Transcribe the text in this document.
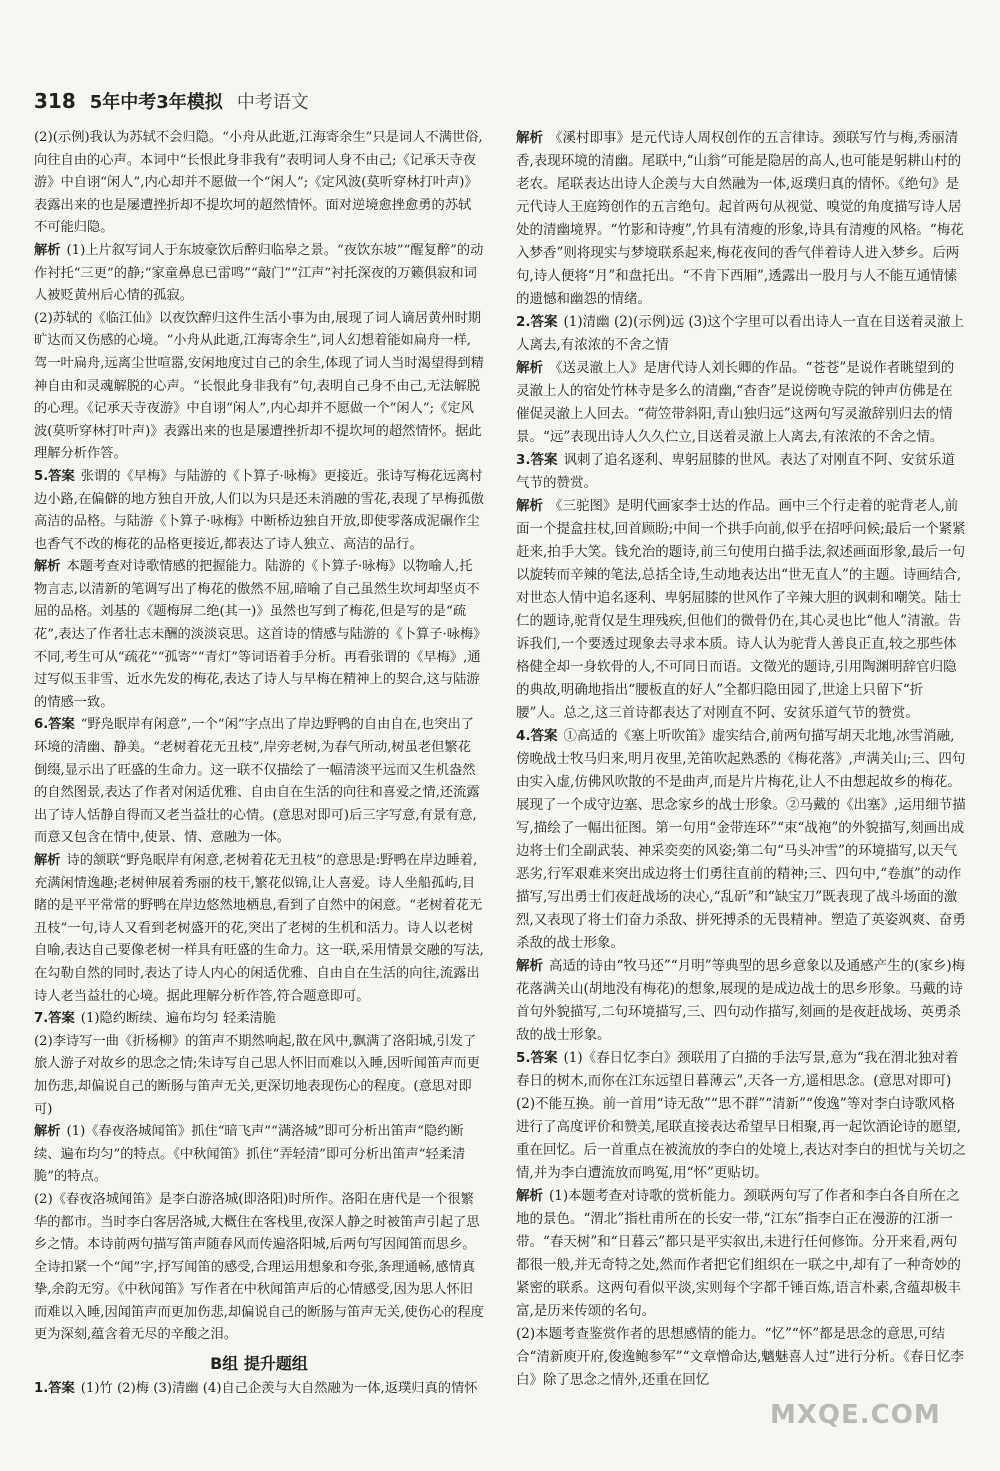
318 5年中考3年模拟 中考语文

(2)(示例)我认为苏轼不会归隐。“小舟从此逝,江海寄余生”只是词人不满世俗,向往自由的心声。本词中“长恨此身非我有”表明词人身不由己;《记承天寺夜游》中自诩“闲人”,内心却并不愿做一个“闲人”;《定风波(莫听穿林打叶声)》表露出来的也是屡遭挫折却不提坎坷的超然情怀。面对逆境愈挫愈勇的苏轼不可能归隐。

解析 (1)上片叙写词人于东坡豪饮后醉归临皋之景。“夜饮东坡”“醒复醉”的动作衬托“三更”的静;“家童鼻息已雷鸣”“敲门”“江声”衬托深夜的万籁俱寂和词人被贬黄州后心情的孤寂。

(2)苏轼的《临江仙》以夜饮醉归这件生活小事为由,展现了词人谪居黄州时期旷达而又伤感的心境。“小舟从此逝,江海寄余生”,词人幻想着能如扁舟一样,驾一叶扁舟,远离尘世喧嚣,安闲地度过自己的余生,体现了词人当时渴望得到精神自由和灵魂解脱的心声。“长恨此身非我有”句,表明自己身不由己,无法解脱的心理。《记承天寺夜游》中自诩“闲人”,内心却并不愿做一个“闲人”;《定风波(莫听穿林打叶声)》表露出来的也是屡遭挫折却不提坎坷的超然情怀。据此理解分析作答。

5.答案 张谓的《早梅》与陆游的《卜算子·咏梅》更接近。张诗写梅花远离村边小路,在偏僻的地方独自开放,人们以为只是还未消融的雪花,表现了早梅孤傲高洁的品格。与陆游《卜算子·咏梅》中断桥边独自开放,即使零落成泥碾作尘也香气不改的梅花的品格更接近,都表达了诗人独立、高洁的品行。

解析 本题考查对诗歌情感的把握能力。陆游的《卜算子·咏梅》以物喻人,托物言志,以清新的笔调写出了梅花的傲然不屈,暗喻了自己虽然生坎坷却坚贞不屈的品格。刘基的《题梅屏二绝(其一)》虽然也写到了梅花,但是写的是“疏花”,表达了作者壮志未酬的淡淡哀思。这首诗的情感与陆游的《卜算子·咏梅》不同,考生可从“疏花”“孤寄”“青灯”等词语着手分析。再看张谓的《早梅》,通过写似玉非雪、近水先发的梅花,表达了诗人与早梅在精神上的契合,这与陆游的情感一致。

6.答案 “野凫眠岸有闲意”,一个“闲”字点出了岸边野鸭的自由自在,也突出了环境的清幽、静美。“老树着花无丑枝”,岸旁老树,为春气所动,树虽老但繁花倒缀,显示出了旺盛的生命力。这一联不仅描绘了一幅清淡平远而又生机盎然的自然图景,表达了作者对闲适优雅、自由自在生活的向往和喜爱之情,还流露出了诗人恬静自得而又老当益壮的心情。(意思对即可)后三字写意,有景有意,而意又包含在情中,使景、情、意融为一体。

解析 诗的颔联“野凫眠岸有闲意,老树着花无丑枝”的意思是:野鸭在岸边睡着,充满闲情逸趣;老树伸展着秀丽的枝干,繁花似锦,让人喜爱。诗人坐船孤屿,目睹的是平平常常的野鸭在岸边悠然地栖息,看到了自然中的闲意。“老树着花无丑枝”一句,诗人又看到老树盛开的花,突出了老树的生机和活力。诗人以老树自喻,表达自己要像老树一样具有旺盛的生命力。这一联,采用情景交融的写法,在勾勒自然的同时,表达了诗人内心的闲适优雅、自由自在生活的向往,流露出诗人老当益壮的心境。据此理解分析作答,符合题意即可。

7.答案 (1)隐约断续、遍布均匀 轻柔清脆

(2)李诗写一曲《折杨柳》的笛声不期然响起,散在风中,飘满了洛阳城,引发了旅人游子对故乡的思念之情;朱诗写自己思人怀旧而难以入睡,因听闻笛声而更加伤悲,却偏说自己的断肠与笛声无关,更深切地表现伤心的程度。(意思对即可)

解析 (1)《春夜洛城闻笛》抓住“暗飞声”“满洛城”即可分析出笛声“隐约断续、遍布均匀”的特点。《中秋闻笛》抓住“弄轻清”即可分析出笛声“轻柔清脆”的特点。

(2)《春夜洛城闻笛》是李白游洛城(即洛阳)时所作。洛阳在唐代是一个很繁华的都市。当时李白客居洛城,大概住在客栈里,夜深人静之时被笛声引起了思乡之情。本诗前两句描写笛声随春风而传遍洛阳城,后两句写因闻笛而思乡。全诗扣紧一个“闻”字,抒写闻笛的感受,合理运用想象和夸张,条理通畅,感情真挚,余韵无穷。《中秋闻笛》写作者在中秋闻笛声后的心情感受,因为思人怀旧而难以入睡,因闻笛声而更加伤悲,却偏说自己的断肠与笛声无关,使伤心的程度更为深刻,蕴含着无尽的辛酸之泪。

B组 提升题组

1.答案 (1)竹 (2)梅 (3)清幽 (4)自己企羡与大自然融为一体,返璞归真的情怀

解析 《溪村即事》是元代诗人周权创作的五言律诗。颈联写竹与梅,秀丽清香,表现环境的清幽。尾联中,“山翁”可能是隐居的高人,也可能是躬耕山村的老农。尾联表达出诗人企羡与大自然融为一体,返璞归真的情怀。《绝句》是元代诗人王庭筠创作的五言绝句。起首两句从视觉、嗅觉的角度描写诗人居处的清幽境界。“竹影和诗瘦”,竹具有清瘦的形象,诗具有清瘦的风格。“梅花入梦香”则将现实与梦境联系起来,梅花夜间的香气伴着诗人进入梦乡。后两句,诗人便将“月”和盘托出。“不肯下西厢”,透露出一股月与人不能互通情愫的遗憾和幽怨的情绪。

2.答案 (1)清幽 (2)(示例)远 (3)这个字里可以看出诗人一直在目送着灵澈上人离去,有浓浓的不舍之情

解析 《送灵澈上人》是唐代诗人刘长卿的作品。“苍苍”是说作者眺望到的灵澈上人的宿处竹林寺是多么的清幽,“杳杳”是说傍晚寺院的钟声仿佛是在催促灵澈上人回去。“荷笠带斜阳,青山独归远”这两句写灵澈辞别归去的情景。“远”表现出诗人久久伫立,目送着灵澈上人离去,有浓浓的不舍之情。

3.答案 讽刺了追名逐利、卑躬屈膝的世风。表达了对刚直不阿、安贫乐道气节的赞赏。

解析 《三驼图》是明代画家李士达的作品。画中三个行走着的驼背老人,前面一个提盒拄杖,回首顾盼;中间一个拱手向前,似乎在招呼问候;最后一个紧紧赶来,拍手大笑。钱允治的题诗,前三句使用白描手法,叙述画面形象,最后一句以旋转而辛辣的笔法,总括全诗,生动地表达出“世无直人”的主题。诗画结合,对世态人情中追名逐利、卑躬屈膝的世风作了辛辣大胆的讽刺和嘲笑。陆士仁的题诗,驼背仅是生理残疾,但他们的微骨仍在,其心灵也比“他人”清澈。告诉我们,一个要透过现象去寻求本质。诗人认为驼背人善良正直,较之那些体格健全却一身软骨的人,不可同日而语。文徵光的题诗,引用陶渊明辞官归隐的典故,明确地指出“腰板直的好人”全都归隐田园了,世途上只留下“折腰”人。总之,这三首诗都表达了对刚直不阿、安贫乐道气节的赞赏。

4.答案 ①高适的《塞上听吹笛》虚实结合,前两句描写胡天北地,冰雪消融,傍晚战士牧马归来,明月夜里,羌笛吹起熟悉的《梅花落》,声满关山;三、四句由实入虚,仿佛风吹散的不是曲声,而是片片梅花,让人不由想起故乡的梅花。展现了一个成守边塞、思念家乡的战士形象。②马戴的《出塞》,运用细节描写,描绘了一幅出征图。第一句用“金带连环”“束“战袍”的外貌描写,刻画出成边将士们全副武装、神采奕奕的风姿;第二句“马头冲雪”的环境描写,以天气恶劣,行军艰难来突出成边将士们勇往直前的精神;三、四句中,“卷旗”的动作描写,写出勇士们夜赶战场的决心,“乱斫”和“缺宝刀”既表现了战斗场面的激烈,又表现了将士们奋力杀敌、拼死搏杀的无畏精神。塑造了英姿飒爽、奋勇杀敌的战士形象。

解析 高适的诗由“牧马还”“月明”等典型的思乡意象以及通感产生的(家乡)梅花落满关山(胡地没有梅花)的想象,展现的是成边战士的思乡形象。马戴的诗首句外貌描写,二句环境描写,三、四句动作描写,刻画的是夜赶战场、英勇杀敌的战士形象。

5.答案 (1)《春日忆李白》颈联用了白描的手法写景,意为“我在渭北独对着春日的树木,而你在江东远望日暮薄云”,天各一方,遥相思念。(意思对即可)

(2)不能互换。前一首用“诗无敌”“思不群”“清新”“俊逸”等对李白诗歌风格进行了高度评价和赞美,尾联直接表达希望早日相聚,再一起饮酒论诗的愿望,重在回忆。后一首重点在被流放的李白的处境上,表达对李白的担忧与关切之情,并为李白遭流放而鸣冤,用“怀”更贴切。

解析 (1)本题考查对诗歌的赏析能力。颈联两句写了作者和李白各自所在之地的景色。“渭北”指杜甫所在的长安一带,“江东”指李白正在漫游的江浙一带。“春天树”和“日暮云”都只是平实叙出,未进行任何修饰。分开来看,两句都很一般,并无奇特之处,然而作者把它们组织在一联之中,却有了一种奇妙的紧密的联系。这两句看似平淡,实则每个字都千锤百炼,语言朴素,含蕴却极丰富,是历来传颂的名句。

(2)本题考查鉴赏作者的思想感情的能力。“忆”“怀”都是思念的意思,可结合“清新庾开府,俊逸鲍参军”“文章憎命达,魑魅喜人过”进行分析。《春日忆李白》除了思念之情外,还重在回忆

MXQE.COM
